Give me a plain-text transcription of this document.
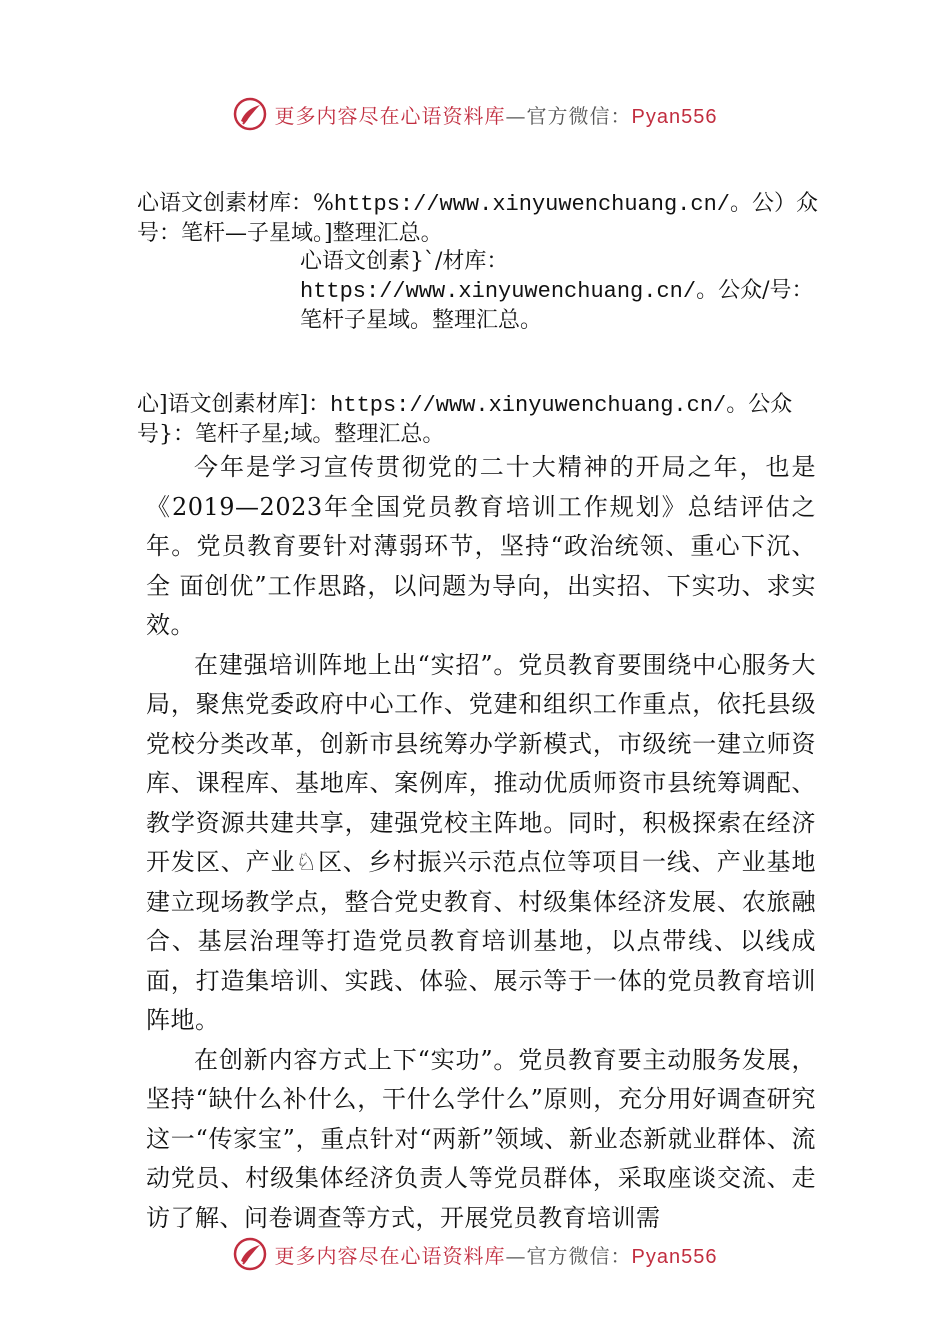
更多内容尽在心语资料库—官方微信：Pyan556
心语文创素材库：%https://www.xinyuwenchuang.cn/。公）众号：笔杆—子星域。]整理汇总。
心语文创素}`/材库：https://www.xinyuwenchuang.cn/。公众/号：笔杆子星域。整理汇总。
心]语文创素材库]：https://www.xinyuwenchuang.cn/。公众号}：笔杆子星;域。整理汇总。

今年是学习宣传贯彻党的二十大精神的开局之年，也是《2019—2023年全国党员教育培训工作规划》总结评估之年。党员教育要针对薄弱环节，坚持“政治统领、重心下沉、全 面创优”工作思路，以问题为导向，出实招、下实功、求实 效。

在建强培训阵地上出“实招”。党员教育要围绕中心服务大局，聚焦党委政府中心工作、党建和组织工作重点，依托县级党校分类改革，创新市县统筹办学新模式，市级统一建立师资库、课程库、基地库、案例库，推动优质师资市县统筹调配、教学资源共建共享，建强党校主阵地。同时，积极探索在经济开发区、产业♘区、乡村振兴示范点位等项目一线、产业基地建立现场教学点，整合党史教育、村级集体经济发展、农旅融合、基层治理等打造党员教育培训基地，以点带线、以线成面，打造集培训、实践、体验、展示等于一体的党员教育培训阵地。

在创新内容方式上下“实功”。党员教育要主动服务发展，坚持“缺什么补什么，干什么学什么”原则，充分用好调查研究这一“传家宝”，重点针对“两新”领域、新业态新就业群体、流动党员、村级集体经济负责人等党员群体，采取座谈交流、走访了解、问卷调查等方式，开展党员教育培训需

更多内容尽在心语资料库—官方微信：Pyan556
